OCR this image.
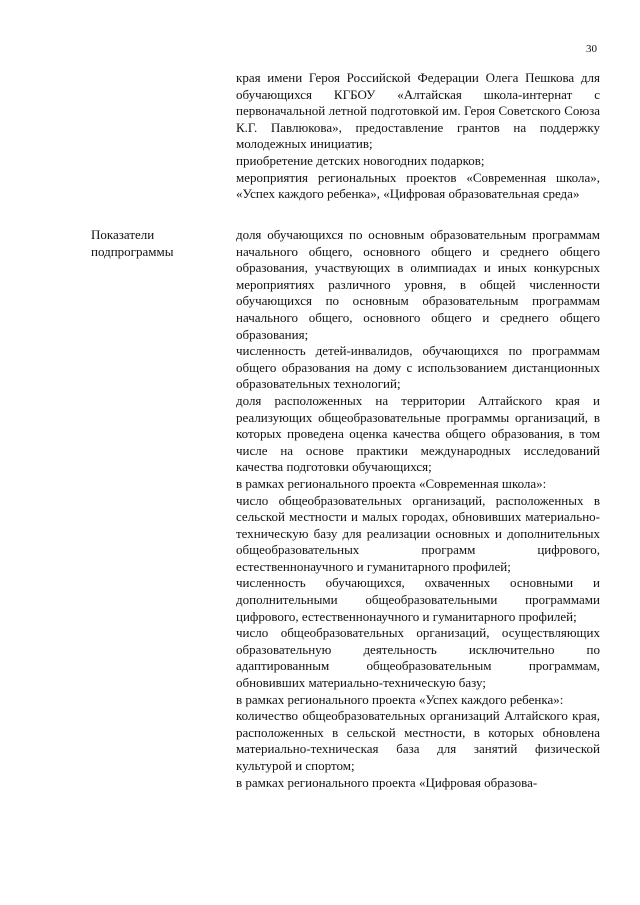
30

края имени Героя Российской Федерации Олега Пешкова для обучающихся КГБОУ «Алтайская школа-интернат с первоначальной летной подготовкой им. Героя Советского Союза К.Г. Павлюкова», предоставление грантов на поддержку молодежных инициатив;

приобретение детских новогодних подарков;

мероприятия региональных проектов «Современная школа», «Успех каждого ребенка», «Цифровая образовательная среда»

Показатели подпрограммы

доля обучающихся по основным образовательным программам начального общего, основного общего и среднего общего образования, участвующих в олимпиадах и иных конкурсных мероприятиях различного уровня, в общей численности обучающихся по основным образовательным программам начального общего, основного общего и среднего общего образования;

численность детей-инвалидов, обучающихся по программам общего образования на дому с использованием дистанционных образовательных технологий;

доля расположенных на территории Алтайского края и реализующих общеобразовательные программы организаций, в которых проведена оценка качества общего образования, в том числе на основе практики международных исследований качества подготовки обучающихся;

в рамках регионального проекта «Современная школа»:

число общеобразовательных организаций, расположенных в сельской местности и малых городах, обновивших материально-техническую базу для реализации основных и дополнительных общеобразовательных программ цифрового, естественнонаучного и гуманитарного профилей;

численность обучающихся, охваченных основными и дополнительными общеобразовательными программами цифрового, естественнонаучного и гуманитарного профилей;

число общеобразовательных организаций, осуществляющих образовательную деятельность исключительно по адаптированным общеобразовательным программам, обновивших материально-техническую базу;

в рамках регионального проекта «Успех каждого ребенка»:

количество общеобразовательных организаций Алтайского края, расположенных в сельской местности, в которых обновлена материально-техническая база для занятий физической культурой и спортом;

в рамках регионального проекта «Цифровая образова-
